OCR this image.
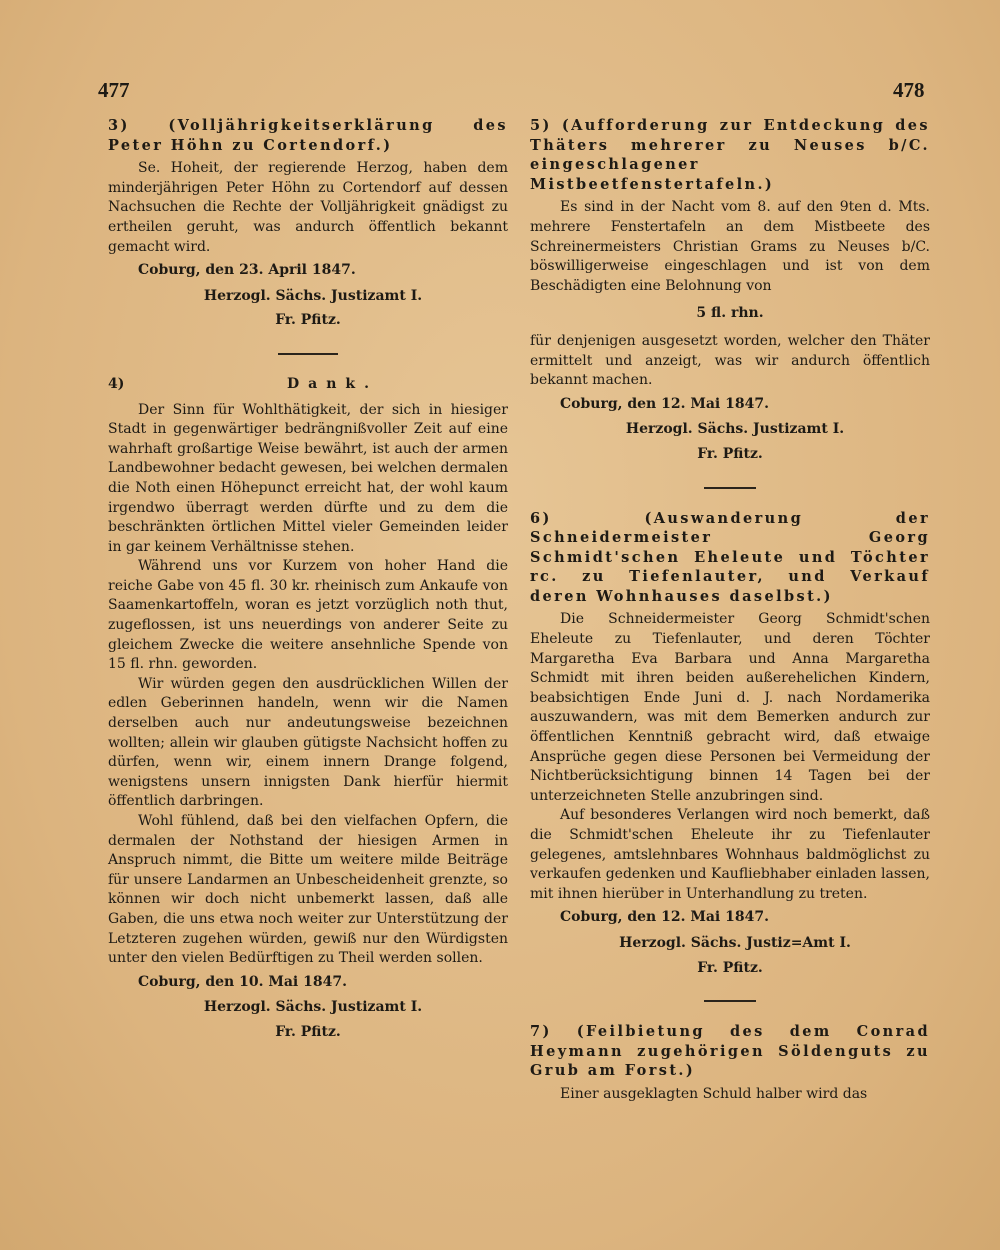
477	478
3) (Volljährigkeitserklärung des Peter Höhn zu Cortendorf.)

Se. Hoheit, der regierende Herzog, haben dem minderjährigen Peter Höhn zu Cortendorf auf dessen Nachsuchen die Rechte der Volljährigkeit gnädigst zu ertheilen geruht, was andurch öffentlich bekannt gemacht wird.

Coburg, den 23. April 1847.
Herzogl. Sächs. Justizamt I.
Fr. Pfitz.
4)	Dank.

Der Sinn für Wohlthätigkeit, der sich in hiesiger Stadt in gegenwärtiger bedrängnißvoller Zeit auf eine wahrhaft großartige Weise bewährt, ist auch der armen Landbewohner bedacht gewesen, bei welchen dermalen die Noth einen Höhepunct erreicht hat, der wohl kaum irgendwo überragt werden dürfte und zu dem die beschränkten örtlichen Mittel vieler Gemeinden leider in gar keinem Verhältnisse stehen.

Während uns vor Kurzem von hoher Hand die reiche Gabe von 45 fl. 30 kr. rheinisch zum Ankaufe von Saamenkartoffeln, woran es jetzt vorzüglich noth thut, zugeflossen, ist uns neuerdings von anderer Seite zu gleichem Zwecke die weitere ansehnliche Spende von 15 fl. rhn. geworden.

Wir würden gegen den ausdrücklichen Willen der edlen Geberinnen handeln, wenn wir die Namen derselben auch nur andeutungsweise bezeichnen wollten; allein wir glauben gütigste Nachsicht hoffen zu dürfen, wenn wir, einem innern Drange folgend, wenigstens unsern innigsten Dank hierfür hiermit öffentlich darbringen.

Wohl fühlend, daß bei den vielfachen Opfern, die dermalen der Nothstand der hiesigen Armen in Anspruch nimmt, die Bitte um weitere milde Beiträge für unsere Landarmen an Unbescheidenheit grenzte, so können wir doch nicht unbemerkt lassen, daß alle Gaben, die uns etwa noch weiter zur Unterstützung der Letzteren zugehen würden, gewiß nur den Würdigsten unter den vielen Bedürftigen zu Theil werden sollen.

Coburg, den 10. Mai 1847.
Herzogl. Sächs. Justizamt I.
Fr. Pfitz.
5) (Aufforderung zur Entdeckung des Thäters mehrerer zu Neuses b/C. eingeschlagener Mistbeetfenstertafeln.)

Es sind in der Nacht vom 8. auf den 9ten d. Mts. mehrere Fenstertafeln an dem Mistbeete des Schreinermeisters Christian Grams zu Neuses b/C. böswilligerweise eingeschlagen und ist von dem Beschädigten eine Belohnung von

5 fl. rhn.

für denjenigen ausgesetzt worden, welcher den Thäter ermittelt und anzeigt, was wir andurch öffentlich bekannt machen.

Coburg, den 12. Mai 1847.
Herzogl. Sächs. Justizamt I.
Fr. Pfitz.
6) (Auswanderung der Schneidermeister Georg Schmidt'schen Eheleute und Töchter rc. zu Tiefenlauter, und Verkauf deren Wohnhauses daselbst.)

Die Schneidermeister Georg Schmidt'schen Eheleute zu Tiefenlauter, und deren Töchter Margaretha Eva Barbara und Anna Margaretha Schmidt mit ihren beiden außerehelichen Kindern, beabsichtigen Ende Juni d. J. nach Nordamerika auszuwandern, was mit dem Bemerken andurch zur öffentlichen Kenntniß gebracht wird, daß etwaige Ansprüche gegen diese Personen bei Vermeidung der Nichtberücksichtigung binnen 14 Tagen bei der unterzeichneten Stelle anzubringen sind.

Auf besonderes Verlangen wird noch bemerkt, daß die Schmidt'schen Eheleute ihr zu Tiefenlauter gelegenes, amtslehnbares Wohnhaus baldmöglichst zu verkaufen gedenken und Kaufliebhaber einladen lassen, mit ihnen hierüber in Unterhandlung zu treten.

Coburg, den 12. Mai 1847.
Herzogl. Sächs. Justiz=Amt I.
Fr. Pfitz.
7) (Feilbietung des dem Conrad Heymann zugehörigen Söldenguts zu Grub am Forst.)

Einer ausgeklagten Schuld halber wird das
